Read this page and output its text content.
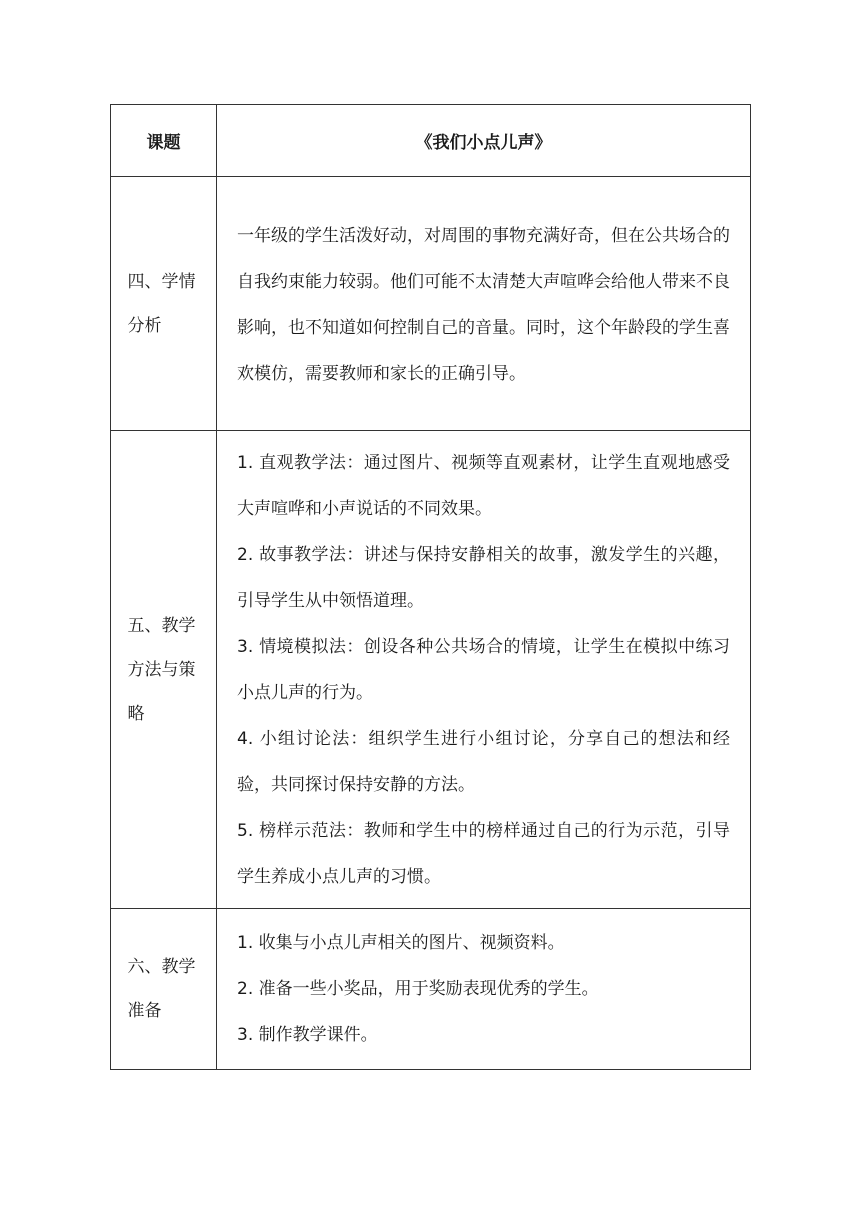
课题	《我们小点儿声》
四、学情分析	一年级的学生活泼好动，对周围的事物充满好奇，但在公共场合的自我约束能力较弱。他们可能不太清楚大声喧哗会给他人带来不良影响，也不知道如何控制自己的音量。同时，这个年龄段的学生喜欢模仿，需要教师和家长的正确引导。

五、教学方法与策略	1. 直观教学法：通过图片、视频等直观素材，让学生直观地感受大声喧哗和小声说话的不同效果。
2. 故事教学法：讲述与保持安静相关的故事，激发学生的兴趣，引导学生从中领悟道理。
3. 情境模拟法：创设各种公共场合的情境，让学生在模拟中练习小点儿声的行为。
4. 小组讨论法：组织学生进行小组讨论，分享自己的想法和经验，共同探讨保持安静的方法。
5. 榜样示范法：教师和学生中的榜样通过自己的行为示范，引导学生养成小点儿声的习惯。

六、教学准备	1. 收集与小点儿声相关的图片、视频资料。
2. 准备一些小奖品，用于奖励表现优秀的学生。
3. 制作教学课件。
